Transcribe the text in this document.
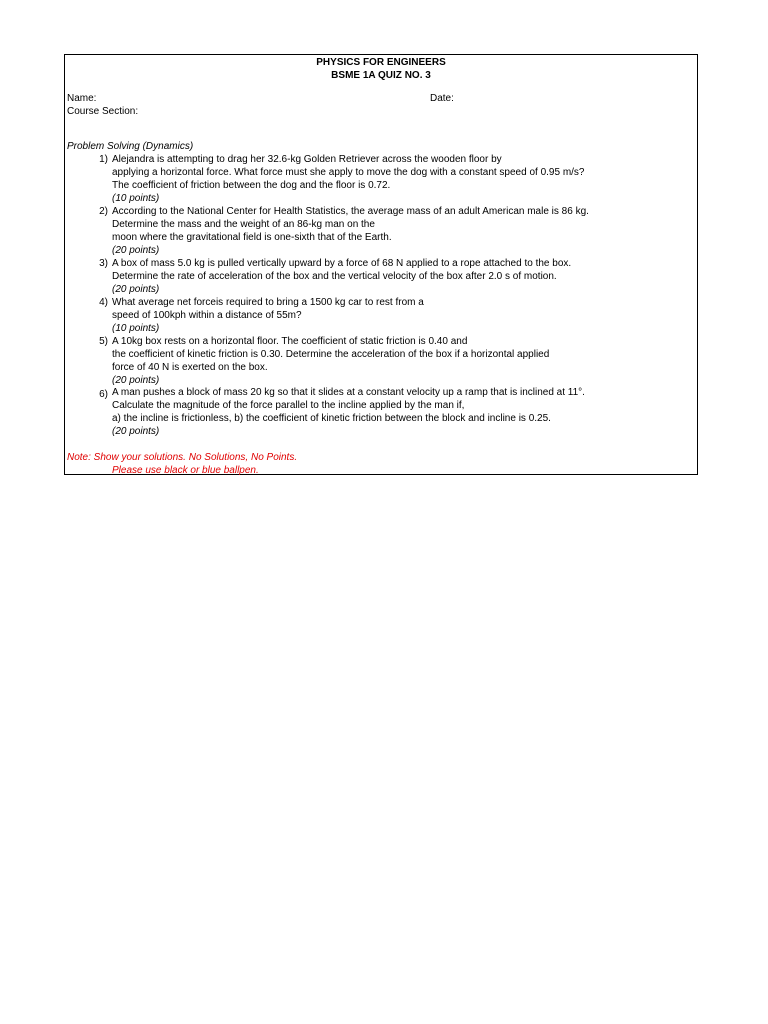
PHYSICS FOR ENGINEERS
BSME 1A QUIZ NO. 3
Name:	Date:
Course Section:
Problem Solving (Dynamics)
1) Alejandra is attempting to drag her 32.6-kg Golden Retriever across the wooden floor by
applying a horizontal force. What force must she apply to move the dog with a constant speed of 0.95 m/s?
The coefficient of friction between the dog and the floor is 0.72.
(10 points)
2) According to the National Center for Health Statistics, the average mass of an adult American male is 86 kg.
Determine the mass and the weight of an 86-kg man on the
moon where the gravitational field is one-sixth that of the Earth.
(20 points)
3) A box of mass 5.0 kg is pulled vertically upward by a force of 68 N applied to a rope attached to the box.
Determine the rate of acceleration of the box and the vertical velocity of the box after 2.0 s of motion.
(20 points)
4) What average net forceis required to bring a 1500 kg car to rest from a
speed of 100kph within a distance of 55m?
(10 points)
5) A 10kg box rests on a horizontal floor. The coefficient of static friction is 0.40 and
the coefficient of kinetic friction is 0.30. Determine the acceleration of the box if a horizontal applied
force of 40 N is exerted on the box.
(20 points)
6) A man pushes a block of mass 20 kg so that it slides at a constant velocity up a ramp that is inclined at 11°.
Calculate the magnitude of the force parallel to the incline applied by the man if,
a) the incline is frictionless, b) the coefficient of kinetic friction between the block and incline is 0.25.
(20 points)
Note: Show your solutions. No Solutions, No Points.
Please use black or blue ballpen.
